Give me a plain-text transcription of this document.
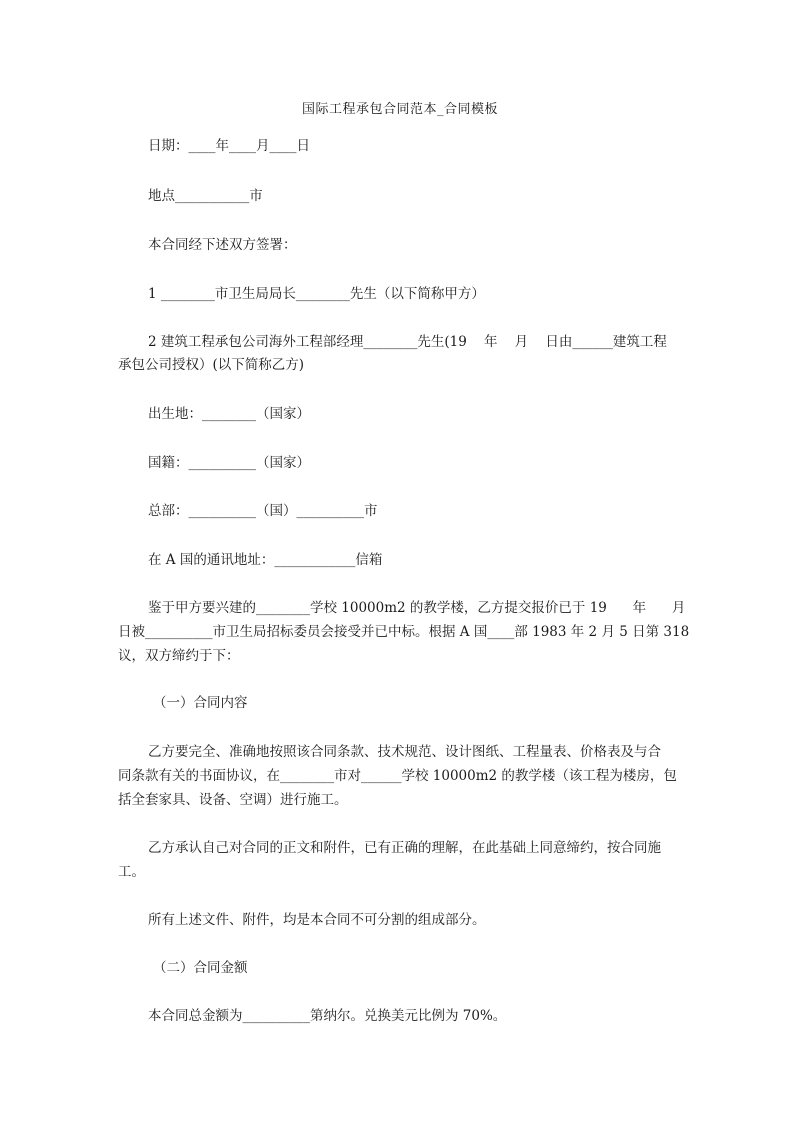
国际工程承包合同范本_合同模板
日期：____年____月____日
地点___________市
本合同经下述双方签署：
1 ________市卫生局局长________先生（以下简称甲方）
2 建筑工程承包公司海外工程部经理________先生(19    年    月    日由______建筑工程
承包公司授权）(以下简称乙方)
出生地：________（国家）
国籍：__________（国家）
总部：__________（国）__________市
在 A 国的通讯地址：____________信箱
鉴于甲方要兴建的________学校 10000m2 的教学楼，乙方提交报价已于 19      年      月
日被__________市卫生局招标委员会接受并已中标。根据 A 国____部 1983 年 2 月 5 日第 318
议，双方缔约于下：
（一）合同内容
乙方要完全、准确地按照该合同条款、技术规范、设计图纸、工程量表、价格表及与合
同条款有关的书面协议，在________市对______学校 10000m2 的教学楼（该工程为楼房，包
括全套家具、设备、空调）进行施工。
乙方承认自己对合同的正文和附件，已有正确的理解，在此基础上同意缔约，按合同施
工。
所有上述文件、附件，均是本合同不可分割的组成部分。
（二）合同金额
本合同总金额为__________第纳尔。兑换美元比例为 70%。
